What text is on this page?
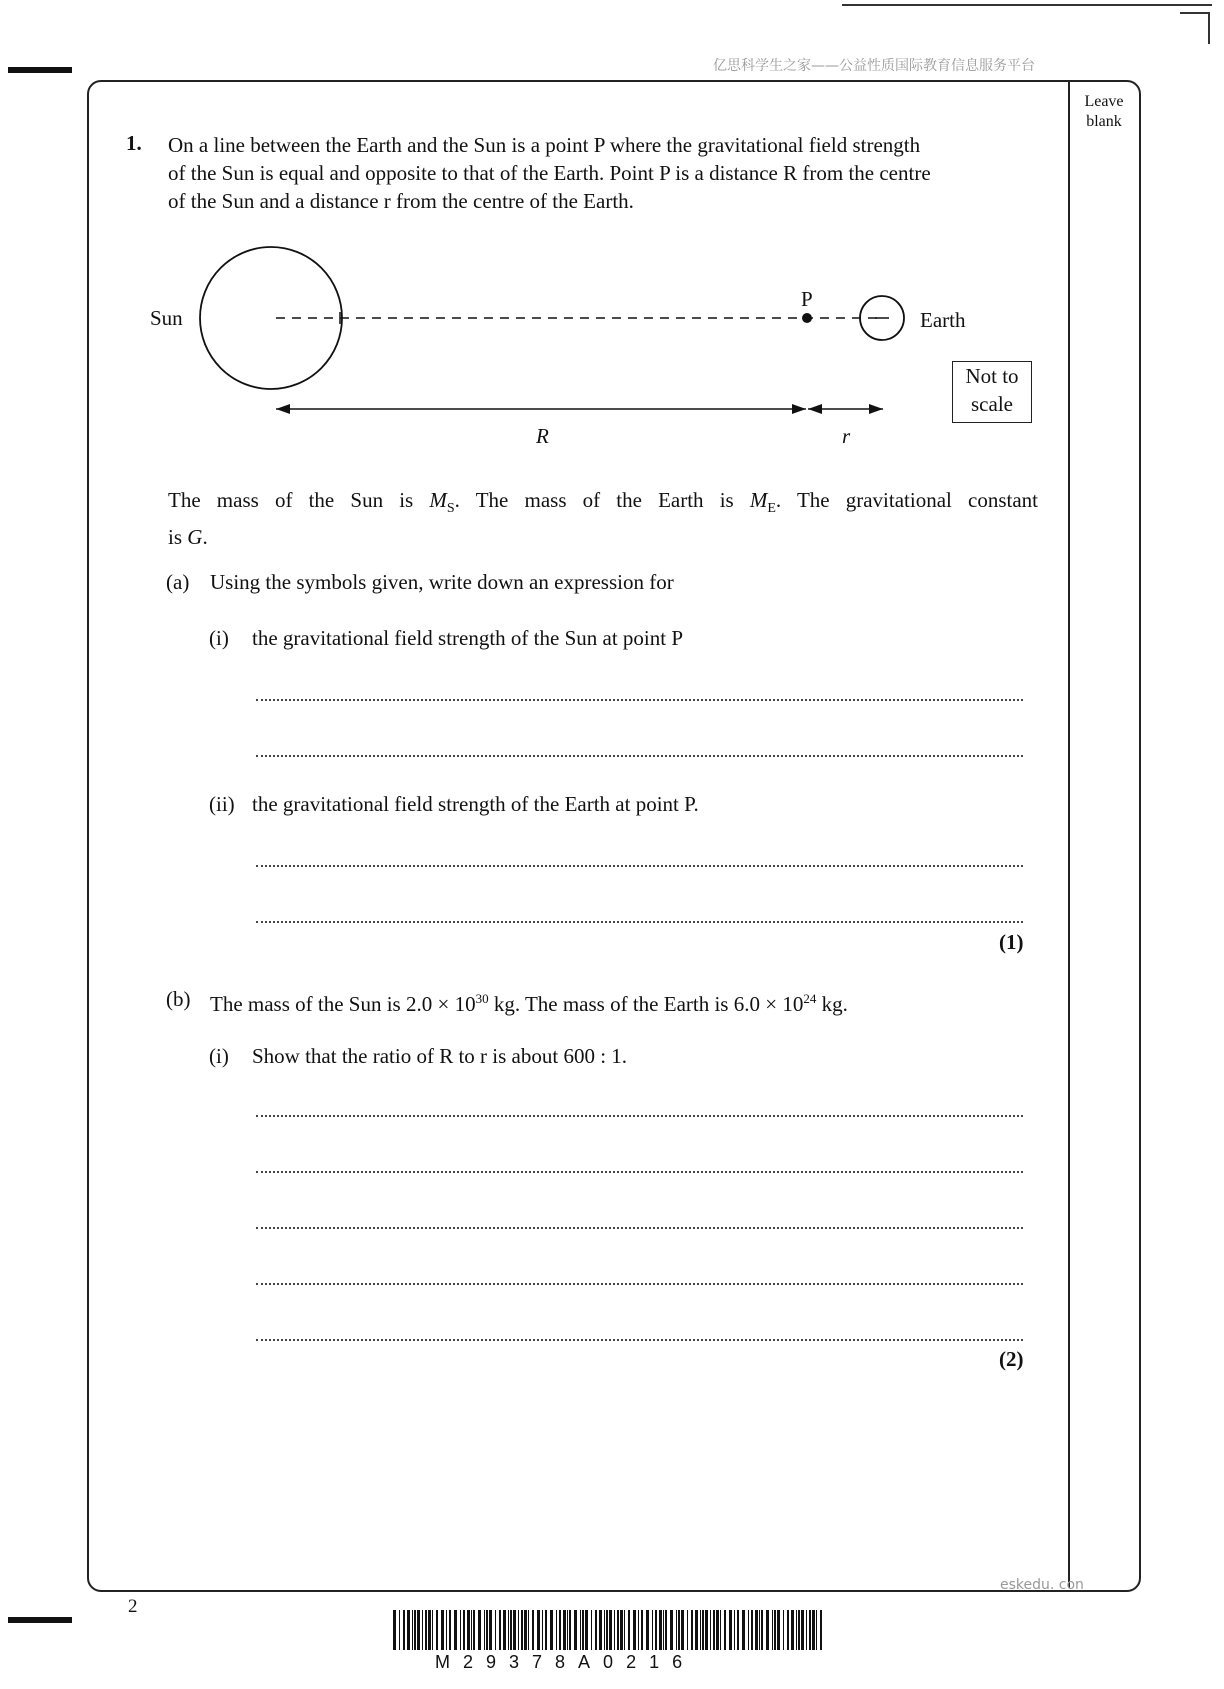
亿思科学生之家——公益性质国际教育信息服务平台
Leave
blank
1. On a line between the Earth and the Sun is a point P where the gravitational field strength
of the Sun is equal and opposite to that of the Earth. Point P is a distance R from the centre
of the Sun and a distance r from the centre of the Earth.
Sun	Earth
P
R	r
Not to
scale
The mass of the Sun is $M_S$. The mass of the Earth is $M_E$. The gravitational constant
is G.
(a) Using the symbols given, write down an expression for
(i) the gravitational field strength of the Sun at point P
(ii) the gravitational field strength of the Earth at point P.
(1)
(b) The mass of the Sun is $2.0 \times 10^{30}$ kg. The mass of the Earth is $6.0 \times 10^{24}$ kg.
(i) Show that the ratio of R to r is about 600 : 1.
(2)
2
eskedu. con
M29378A0216
